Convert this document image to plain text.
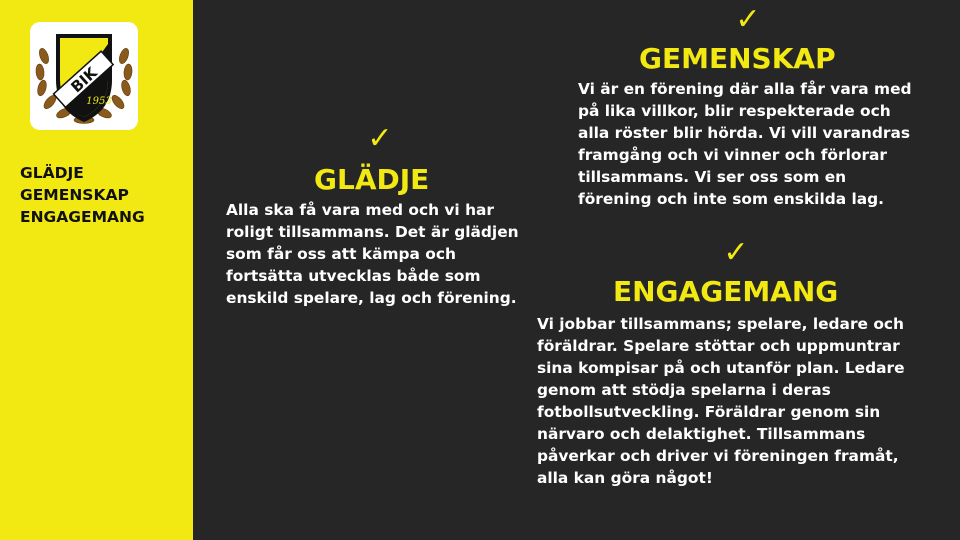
BIK
1953
GLÄDJE
GEMENSKAP
ENGAGEMANG
✓
GLÄDJE
Alla ska få vara med och vi har roligt tillsammans. Det är glädjen som får oss att kämpa och fortsätta utvecklas både som enskild spelare, lag och förening.
✓
GEMENSKAP
Vi är en förening där alla får vara med på lika villkor, blir respekterade och alla röster blir hörda. Vi vill varandras framgång och vi vinner och förlorar tillsammans. Vi ser oss som en förening och inte som enskilda lag.
✓
ENGAGEMANG
Vi jobbar tillsammans; spelare, ledare och föräldrar. Spelare stöttar och uppmuntrar sina kompisar på och utanför plan. Ledare genom att stödja spelarna i deras fotbollsutveckling. Föräldrar genom sin närvaro och delaktighet. Tillsammans påverkar och driver vi föreningen framåt, alla kan göra något!
